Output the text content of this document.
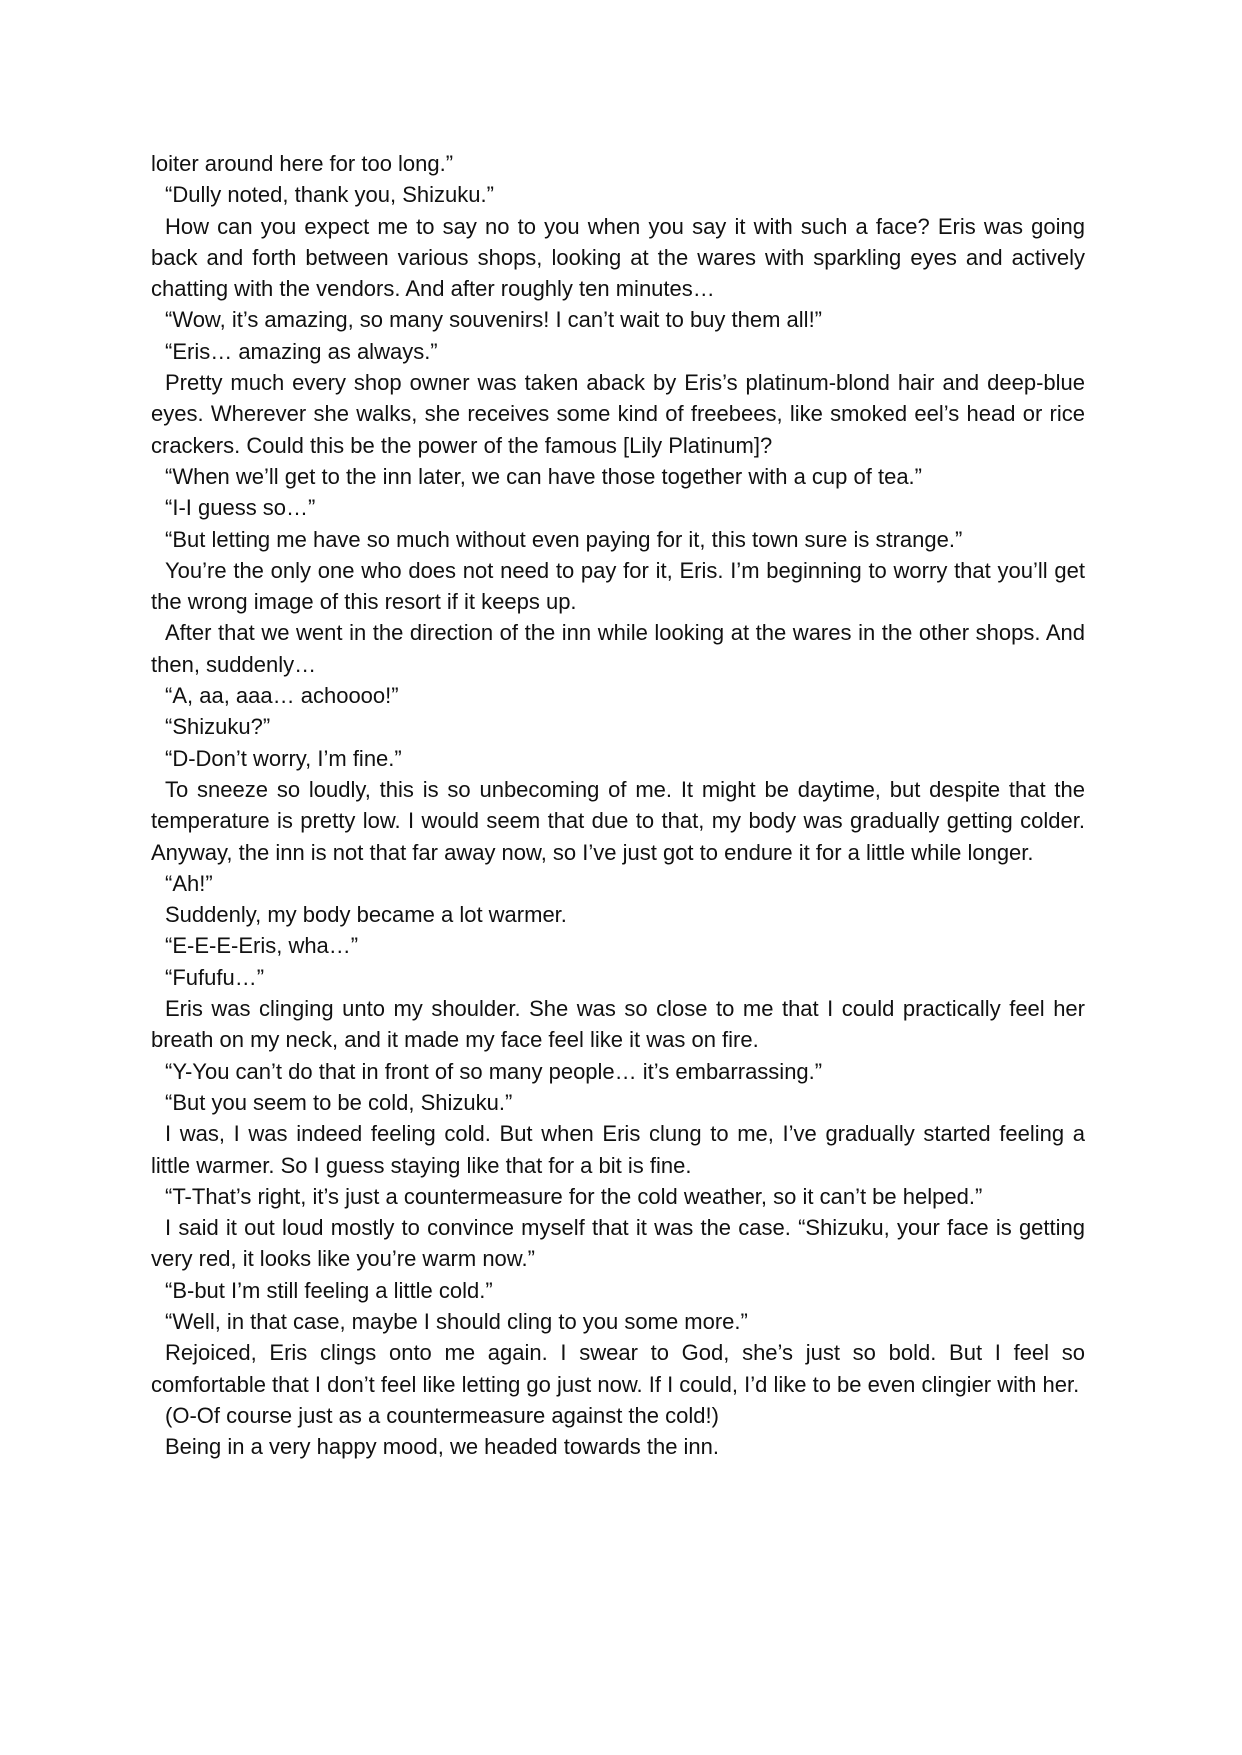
loiter around here for too long.”

“Dully noted, thank you, Shizuku.”

How can you expect me to say no to you when you say it with such a face? Eris was going back and forth between various shops, looking at the wares with sparkling eyes and actively chatting with the vendors. And after roughly ten minutes…

“Wow, it’s amazing, so many souvenirs! I can’t wait to buy them all!”

“Eris… amazing as always.”

Pretty much every shop owner was taken aback by Eris’s platinum-blond hair and deep-blue eyes. Wherever she walks, she receives some kind of freebees, like smoked eel’s head or rice crackers. Could this be the power of the famous [Lily Platinum]?

“When we’ll get to the inn later, we can have those together with a cup of tea.”

“I-I guess so…”

“But letting me have so much without even paying for it, this town sure is strange.”

You’re the only one who does not need to pay for it, Eris. I’m beginning to worry that you’ll get the wrong image of this resort if it keeps up.

After that we went in the direction of the inn while looking at the wares in the other shops. And then, suddenly…

“A, aa, aaa… achoooo!”

“Shizuku?”

“D-Don’t worry, I’m fine.”

To sneeze so loudly, this is so unbecoming of me. It might be daytime, but despite that the temperature is pretty low. I would seem that due to that, my body was gradually getting colder. Anyway, the inn is not that far away now, so I’ve just got to endure it for a little while longer.

“Ah!”

Suddenly, my body became a lot warmer.

“E-E-E-Eris, wha…”

“Fufufu…”

Eris was clinging unto my shoulder. She was so close to me that I could practically feel her breath on my neck, and it made my face feel like it was on fire.

“Y-You can’t do that in front of so many people… it’s embarrassing.”

“But you seem to be cold, Shizuku.”

I was, I was indeed feeling cold. But when Eris clung to me, I’ve gradually started feeling a little warmer. So I guess staying like that for a bit is fine.

“T-That’s right, it’s just a countermeasure for the cold weather, so it can’t be helped.”

I said it out loud mostly to convince myself that it was the case. “Shizuku, your face is getting very red, it looks like you’re warm now.”

“B-but I’m still feeling a little cold.”

“Well, in that case, maybe I should cling to you some more.”

Rejoiced, Eris clings onto me again. I swear to God, she’s just so bold. But I feel so comfortable that I don’t feel like letting go just now. If I could, I’d like to be even clingier with her.

(O-Of course just as a countermeasure against the cold!)

Being in a very happy mood, we headed towards the inn.
